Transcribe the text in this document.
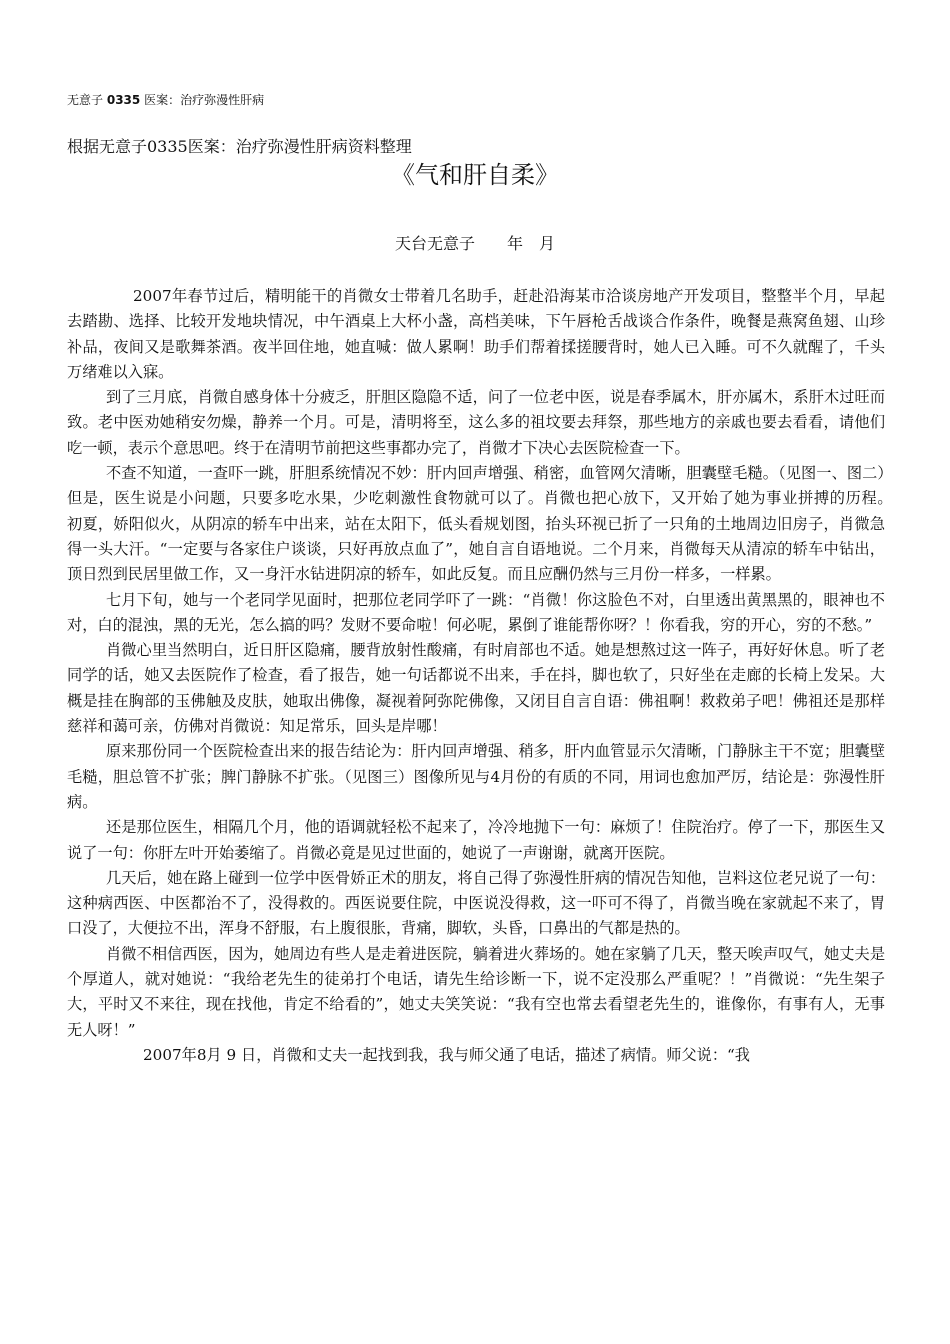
无意子 0335 医案：治疗弥漫性肝病
根据无意子0335医案：治疗弥漫性肝病资料整理
《气和肝自柔》
天台无意子　　年　月

2007年春节过后，精明能干的肖微女士带着几名助手，赶赴沿海某市洽谈房地产开发项目，整整半个月，早起去踏勘、选择、比较开发地块情况，中午酒桌上大杯小盏，高档美味，下午唇枪舌战谈合作条件，晚餐是燕窝鱼翅、山珍补品，夜间又是歌舞茶酒。夜半回住地，她直喊：做人累啊！助手们帮着揉搓腰背时，她人已入睡。可不久就醒了，千头万绪难以入寐。

到了三月底，肖微自感身体十分疲乏，肝胆区隐隐不适，问了一位老中医，说是春季属木，肝亦属木，系肝木过旺而致。老中医劝她稍安勿燥，静养一个月。可是，清明将至，这么多的祖坟要去拜祭，那些地方的亲戚也要去看看，请他们吃一顿，表示个意思吧。终于在清明节前把这些事都办完了，肖微才下决心去医院检查一下。

不查不知道，一查吓一跳，肝胆系统情况不妙：肝内回声增强、稍密，血管网欠清晰，胆囊壁毛糙。（见图一、图二）但是，医生说是小问题，只要多吃水果，少吃刺激性食物就可以了。肖微也把心放下，又开始了她为事业拼搏的历程。　　初夏，娇阳似火，从阴凉的轿车中出来，站在太阳下，低头看规划图，抬头环视已折了一只角的土地周边旧房子，肖微急得一头大汗。“一定要与各家住户谈谈，只好再放点血了”，她自言自语地说。二个月来，肖微每天从清凉的轿车中钻出，顶日烈到民居里做工作，又一身汗水钻进阴凉的轿车，如此反复。而且应酬仍然与三月份一样多，一样累。

七月下旬，她与一个老同学见面时，把那位老同学吓了一跳：“肖微！你这脸色不对，白里透出黄黑黑的，眼神也不对，白的混浊，黑的无光，怎么搞的吗？发财不要命啦！何必呢，累倒了谁能帮你呀？！你看我，穷的开心，穷的不愁。”

肖微心里当然明白，近日肝区隐痛，腰背放射性酸痛，有时肩部也不适。她是想熬过这一阵子，再好好休息。听了老同学的话，她又去医院作了检查，看了报告，她一句话都说不出来，手在抖，脚也软了，只好坐在走廊的长椅上发呆。大概是挂在胸部的玉佛触及皮肤，她取出佛像，凝视着阿弥陀佛像，又闭目自言自语：佛祖啊！救救弟子吧！佛祖还是那样慈祥和蔼可亲，仿佛对肖微说：知足常乐，回头是岸哪！

原来那份同一个医院检查出来的报告结论为：肝内回声增强、稍多，肝内血管显示欠清晰，门静脉主干不宽；胆囊壁毛糙，胆总管不扩张；脾门静脉不扩张。（见图三）图像所见与4月份的有质的不同，用词也愈加严厉，结论是：弥漫性肝病。

还是那位医生，相隔几个月，他的语调就轻松不起来了，冷冷地抛下一句：麻烦了！住院治疗。停了一下，那医生又说了一句：你肝左叶开始萎缩了。肖微必竟是见过世面的，她说了一声谢谢，就离开医院。

几天后，她在路上碰到一位学中医骨娇正术的朋友，将自己得了弥漫性肝病的情况告知他，岂料这位老兄说了一句：这种病西医、中医都治不了，没得救的。西医说要住院，中医说没得救，这一吓可不得了，肖微当晚在家就起不来了，胃口没了，大便拉不出，浑身不舒服，右上腹很胀，背痛，脚软，头昏，口鼻出的气都是热的。

肖微不相信西医，因为，她周边有些人是走着进医院，躺着进火葬场的。她在家躺了几天，整天唉声叹气，她丈夫是个厚道人，就对她说：“我给老先生的徒弟打个电话，请先生给诊断一下，说不定没那么严重呢？！”肖微说：“先生架子大，平时又不来往，现在找他，肯定不给看的”，她丈夫笑笑说：“我有空也常去看望老先生的，谁像你，有事有人，无事无人呀！”

2007年8月 9 日，肖微和丈夫一起找到我，我与师父通了电话，描述了病情。师父说：“我
